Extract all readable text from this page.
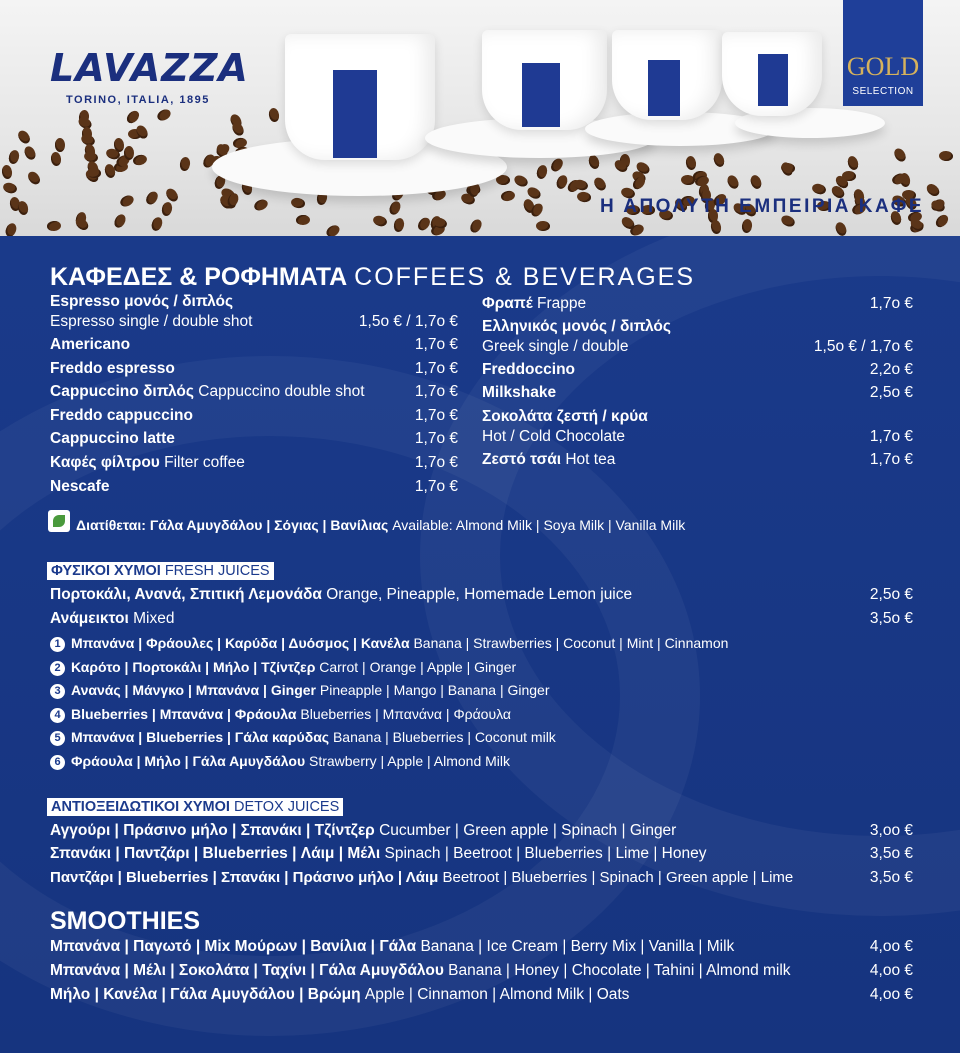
LAVAZZA
TORINO, ITALIA, 1895
GOLD
SELECTION
Η ΑΠΟΛΥΤΗ ΕΜΠΕΙΡΙΑ ΚΑΦΕ
ΚΑΦΕΔΕΣ & ΡΟΦΗΜΑΤΑ COFFEES & BEVERAGES
Espresso μονός / διπλός
Espresso single / double shot	1,5o € / 1,7o €
Americano	1,7o €
Freddo espresso	1,7o €
Cappuccino διπλός Cappuccino double shot	1,7o €
Freddo cappuccino	1,7o €
Cappuccino latte	1,7o €
Καφές φίλτρου Filter coffee	1,7o €
Nescafe	1,7o €
Φραπέ Frappe	1,7o €
Ελληνικός μονός / διπλός
Greek single / double	1,5o € / 1,7o €
Freddoccino	2,2o €
Milkshake	2,5o €
Σοκολάτα ζεστή / κρύα
Hot / Cold Chocolate	1,7o €
Ζεστό τσάι Hot tea	1,7o €
Διατίθεται: Γάλα Αμυγδάλου | Σόγιας | Βανίλιας Available: Almond Milk | Soya Milk | Vanilla Milk
ΦΥΣΙΚΟΙ ΧΥΜΟΙ FRESH JUICES
Πορτοκάλι, Ανανά, Σπιτική Λεμονάδα Orange, Pineapple, Homemade Lemon juice	2,5o €
Ανάμεικτοι Mixed	3,5o €
1 Μπανάνα | Φράουλες | Καρύδα | Δυόσμος | Κανέλα Banana | Strawberries | Coconut | Mint | Cinnamon
2 Καρότο | Πορτοκάλι | Μήλο | Τζίντζερ Carrot | Orange | Apple | Ginger
3 Ανανάς | Μάνγκο | Μπανάνα | Ginger Pineapple | Mango | Banana | Ginger
4 Blueberries | Μπανάνα | Φράουλα Blueberries | Μπανάνα | Φράουλα
5 Μπανάνα | Blueberries | Γάλα καρύδας Banana | Blueberries | Coconut milk
6 Φράουλα | Μήλο | Γάλα Αμυγδάλου Strawberry | Apple | Almond Milk
ΑΝΤΙΟΞΕΙΔΩΤΙΚΟΙ ΧΥΜΟΙ DETOX JUICES
Αγγούρι | Πράσινο μήλο | Σπανάκι | Τζίντζερ Cucumber | Green apple | Spinach | Ginger	3,oo €
Σπανάκι | Παντζάρι | Blueberries | Λάιμ | Μέλι Spinach | Beetroot | Blueberries | Lime | Honey	3,5o €
Παντζάρι | Blueberries | Σπανάκι | Πράσινο μήλο | Λάιμ Beetroot | Blueberries | Spinach | Green apple | Lime	3,5o €
SMOOTHIES
Μπανάνα | Παγωτό | Mix Μούρων | Βανίλια | Γάλα Banana | Ice Cream | Berry Mix | Vanilla | Milk	4,oo €
Μπανάνα | Μέλι | Σοκολάτα | Ταχίνι | Γάλα Αμυγδάλου Banana | Honey | Chocolate | Tahini | Almond milk	4,oo €
Μήλο | Κανέλα | Γάλα Αμυγδάλου | Βρώμη Apple | Cinnamon | Almond Milk | Oats	4,oo €
